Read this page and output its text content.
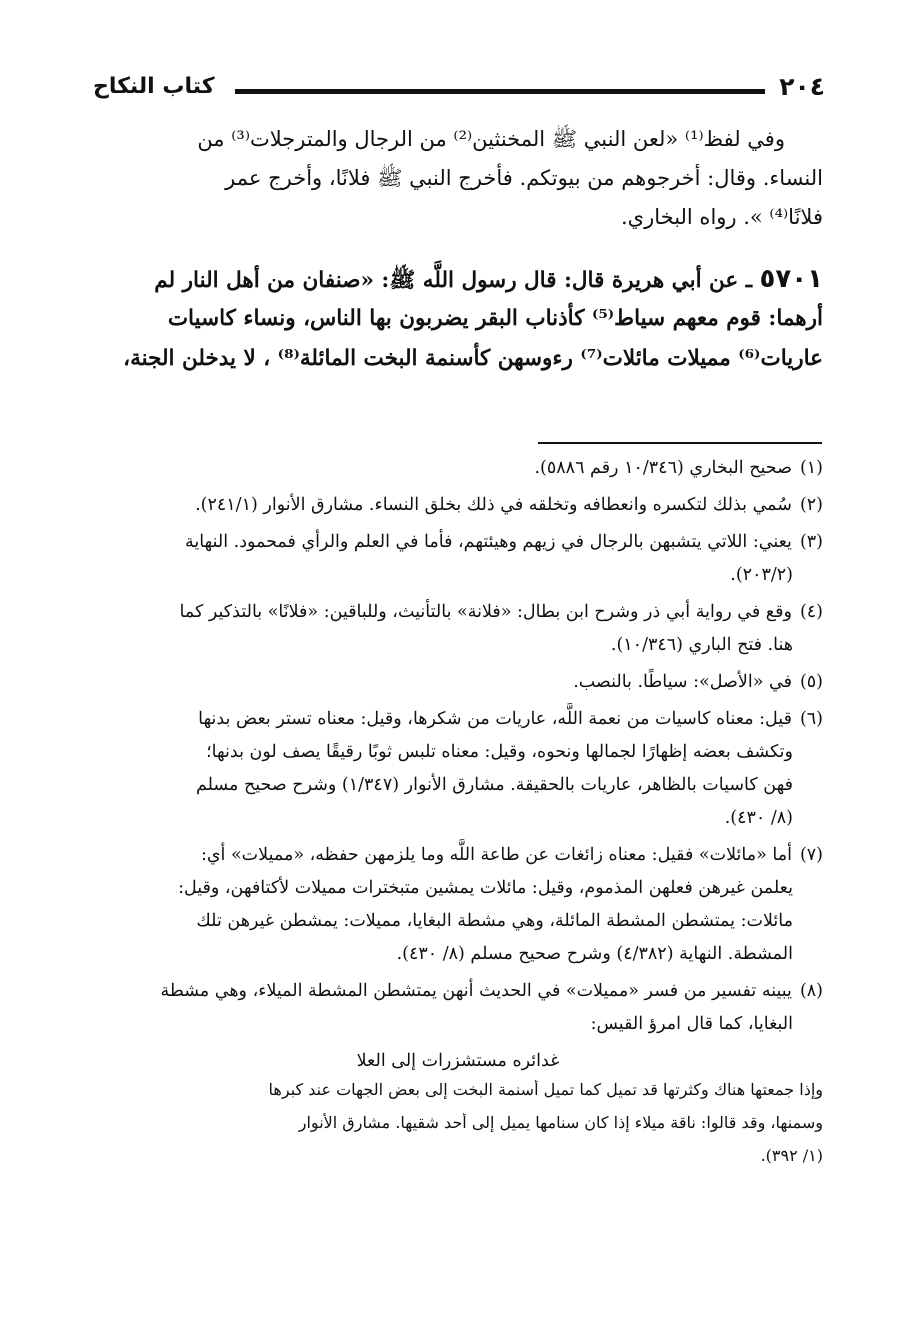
٢٠٤
كتاب النكاح
وفي لفظ⁽¹⁾ «لعن النبي ﷺ المخنثين⁽²⁾ من الرجال والمترجلات⁽³⁾ من
النساء. وقال: أخرجوهم من بيوتكم. فأخرج النبي ﷺ فلانًا، وأخرج عمر
فلانًا⁽⁴⁾ ». رواه البخاري.
٥٧٠١ ـ عن أبي هريرة قال: قال رسول اللَّه ﷺ: «صنفان من أهل النار لم
أرهما: قوم معهم سياط⁽⁵⁾ كأذناب البقر يضربون بها الناس، ونساء كاسيات
عاريات⁽⁶⁾ مميلات مائلات⁽⁷⁾ رءوسهن كأسنمة البخت المائلة⁽⁸⁾ ، لا يدخلن الجنة،
(١)صحيح البخاري (١٠/٣٤٦ رقم ٥٨٨٦).
(٢)سُمي بذلك لتكسره وانعطافه وتخلقه في ذلك بخلق النساء. مشارق الأنوار (٢٤١/١).
(٣)يعني: اللاتي يتشبهن بالرجال في زيهم وهيئتهم، فأما في العلم والرأي فمحمود. النهاية
(٢٠٣/٢).
(٤)وقع في رواية أبي ذر وشرح ابن بطال: «فلانة» بالتأنيث، وللباقين: «فلانًا» بالتذكير كما
هنا. فتح الباري (١٠/٣٤٦).
(٥)في «الأصل»: سياطًا. بالنصب.
(٦)قيل: معناه كاسيات من نعمة اللَّه، عاريات من شكرها، وقيل: معناه تستر بعض بدنها
وتكشف بعضه إظهارًا لجمالها ونحوه، وقيل: معناه تلبس ثوبًا رقيقًا يصف لون بدنها؛
فهن كاسيات بالظاهر، عاريات بالحقيقة. مشارق الأنوار (١/٣٤٧) وشرح صحيح مسلم
(٨/ ٤٣٠).
(٧)أما «مائلات» فقيل: معناه زائغات عن طاعة اللَّه وما يلزمهن حفظه، «مميلات» أي:
يعلمن غيرهن فعلهن المذموم، وقيل: مائلات يمشين متبخترات مميلات لأكتافهن، وقيل:
مائلات: يمتشطن المشطة المائلة، وهي مشطة البغايا، مميلات: يمشطن غيرهن تلك
المشطة. النهاية (٤/٣٨٢) وشرح صحيح مسلم (٨/ ٤٣٠).
(٨)يبينه تفسير من فسر «مميلات» في الحديث أنهن يمتشطن المشطة الميلاء، وهي مشطة
البغايا، كما قال امرؤ القيس:
غدائره مستشزرات إلى العلا
وإذا جمعتها هناك وكثرتها قد تميل كما تميل أسنمة البخت إلى بعض الجهات عند كبرها
وسمنها، وقد قالوا: ناقة ميلاء إذا كان سنامها يميل إلى أحد شقيها. مشارق الأنوار
(١/ ٣٩٢).
